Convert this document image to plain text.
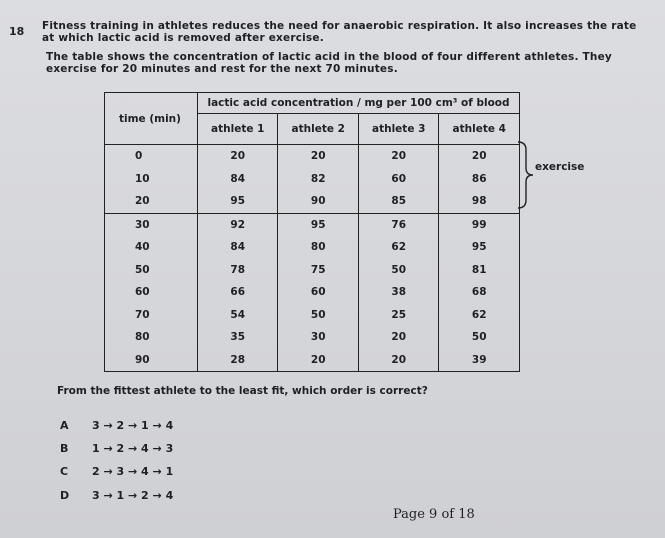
18 Fitness training in athletes reduces the need for anaerobic respiration. It also increases the rate
at which lactic acid is removed after exercise.
The table shows the concentration of lactic acid in the blood of four different athletes. They
exercise for 20 minutes and rest for the next 70 minutes.
time (min)	lactic acid concentration / mg per 100 cm³ of blood			
	athlete 1	athlete 2	athlete 3	athlete 4
0	20	20	20	20
10	84	82	60	86
20	95	90	85	98
30	92	95	76	99
40	84	80	62	95
50	78	75	50	81
60	66	60	38	68
70	54	50	25	62
80	35	30	20	50
90	28	20	20	39
exercise
From the fittest athlete to the least fit, which order is correct?
A	3 → 2 → 1 → 4
B	1 → 2 → 4 → 3
C	2 → 3 → 4 → 1
D	3 → 1 → 2 → 4
Page 9 of 18
